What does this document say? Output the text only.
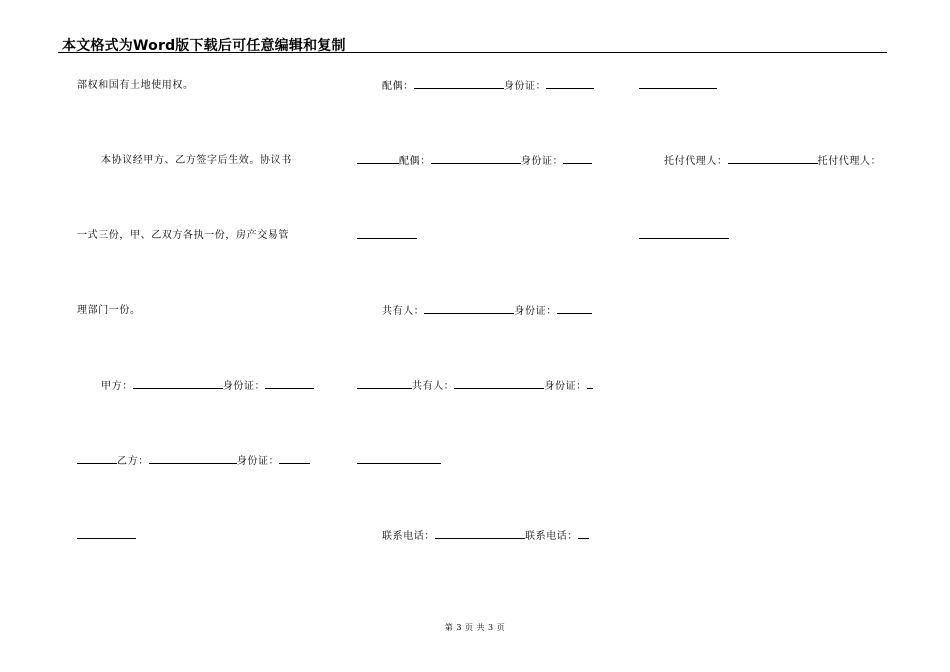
本文格式为Word版下载后可任意编辑和复制
部权和国有土地使用权。
本协议经甲方、乙方签字后生效。协议书
一式三份，甲、乙双方各执一份，房产交易管
理部门一份。
甲方：	身份证：
乙方：	身份证：
配偶：	身份证：
配偶：	身份证：
共有人：	身份证：
共有人：	身份证：
联系电话：	联系电话：
托付代理人：	托付代理人：
第 3 页 共 3 页
